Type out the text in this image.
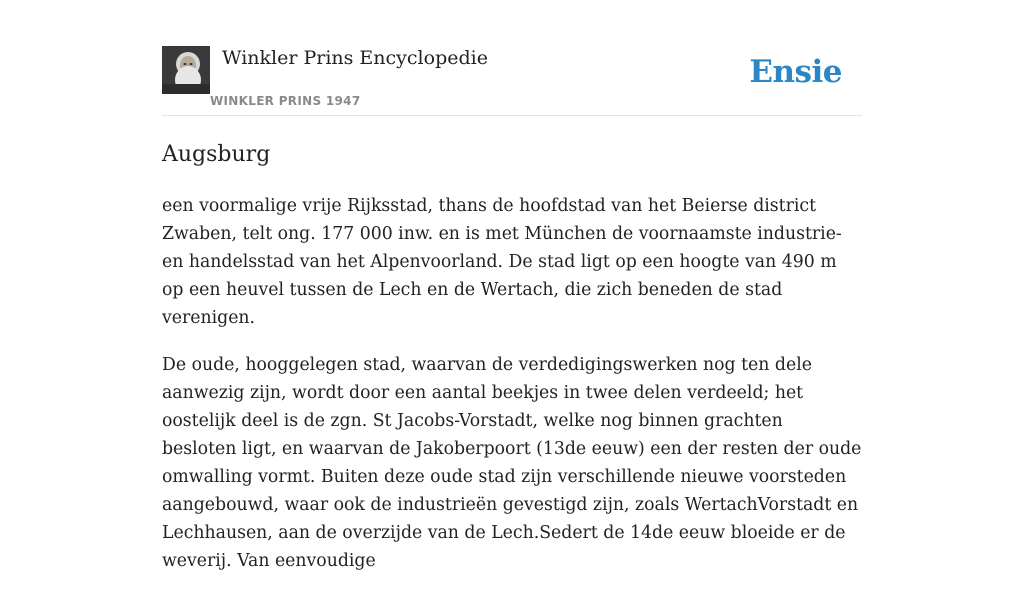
Winkler Prins Encyclopedie
WINKLER PRINS 1947
Ensie
Augsburg

een voormalige vrije Rijksstad, thans de hoofdstad van het Beierse district Zwaben, telt ong. 177 000 inw. en is met München de voornaamste industrie- en handelsstad van het Alpenvoorland. De stad ligt op een hoogte van 490 m op een heuvel tussen de Lech en de Wertach, die zich beneden de stad verenigen.

De oude, hooggelegen stad, waarvan de verdedigingswerken nog ten dele aanwezig zijn, wordt door een aantal beekjes in twee delen verdeeld; het oostelijk deel is de zgn. St Jacobs-Vorstadt, welke nog binnen grachten besloten ligt, en waarvan de Jakoberpoort (13de eeuw) een der resten der oude omwalling vormt. Buiten deze oude stad zijn verschillende nieuwe voorsteden aangebouwd, waar ook de industrieën gevestigd zijn, zoals WertachVorstadt en Lechhausen, aan de overzijde van de Lech.Sedert de 14de eeuw bloeide er de weverij. Van eenvoudige
